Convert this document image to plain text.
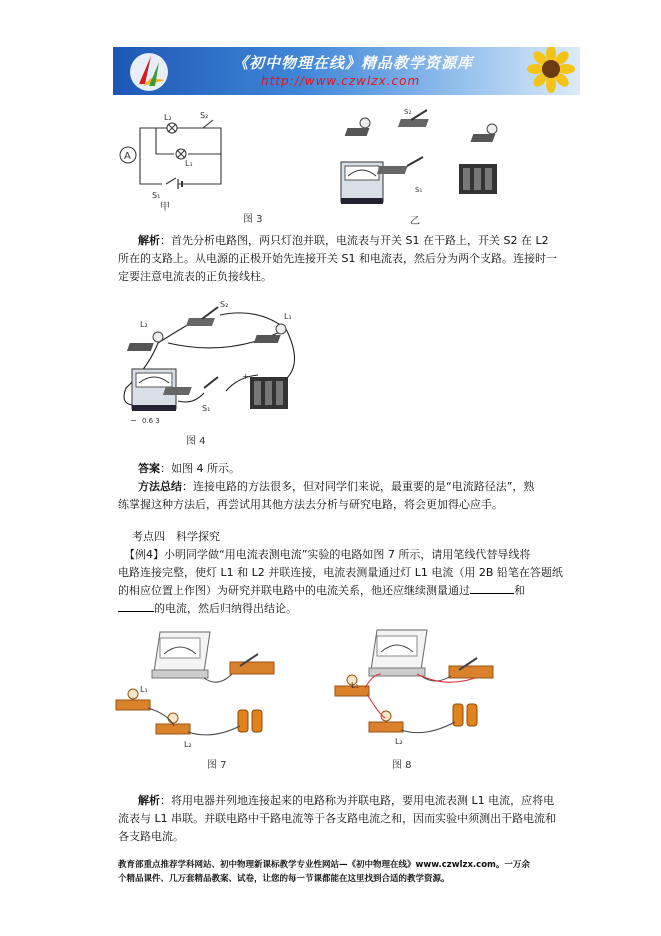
《初中物理在线》精品教学资源库
http://www.czwlzx.com
A
L₂
L₁
S₂
S₁
甲
图 3
S₂
S₁
乙
解析：首先分析电路图，两只灯泡并联，电流表与开关 S1 在干路上，开关 S2 在 L2
所在的支路上。从电源的正极开始先连接开关 S1 和电流表，然后分为两个支路。连接时一
定要注意电流表的正负接线柱。
L₂
S₂
L₁
S₁
+
− 0.6 3
图 4
答案：如图 4 所示。
方法总结：连接电路的方法很多，但对同学们来说，最重要的是“电流路径法”，熟
练掌握这种方法后，再尝试用其他方法去分析与研究电路，将会更加得心应手。
考点四　科学探究
【例4】小明同学做“用电流表测电流”实验的电路如图 7 所示，请用笔线代替导线将
电路连接完整，使灯 L1 和 L2 并联连接，电流表测量通过灯 L1 电流（用 2B 铅笔在答题纸
的相应位置上作图）为研究并联电路中的电流关系，他还应继续测量通过	和
的电流，然后归纳得出结论。
L₁
L₂
图 7
L₁
L₂
图 8
解析：将用电器并列地连接起来的电路称为并联电路，要用电流表测 L1 电流，应将电
流表与 L1 串联。并联电路中干路电流等于各支路电流之和，因而实验中须测出干路电流和
各支路电流。
教育部重点推荐学科网站、初中物理新课标教学专业性网站—《初中物理在线》www.czwlzx.com。一万余
个精品课件、几万套精品教案、试卷，让您的每一节课都能在这里找到合适的教学资源。
